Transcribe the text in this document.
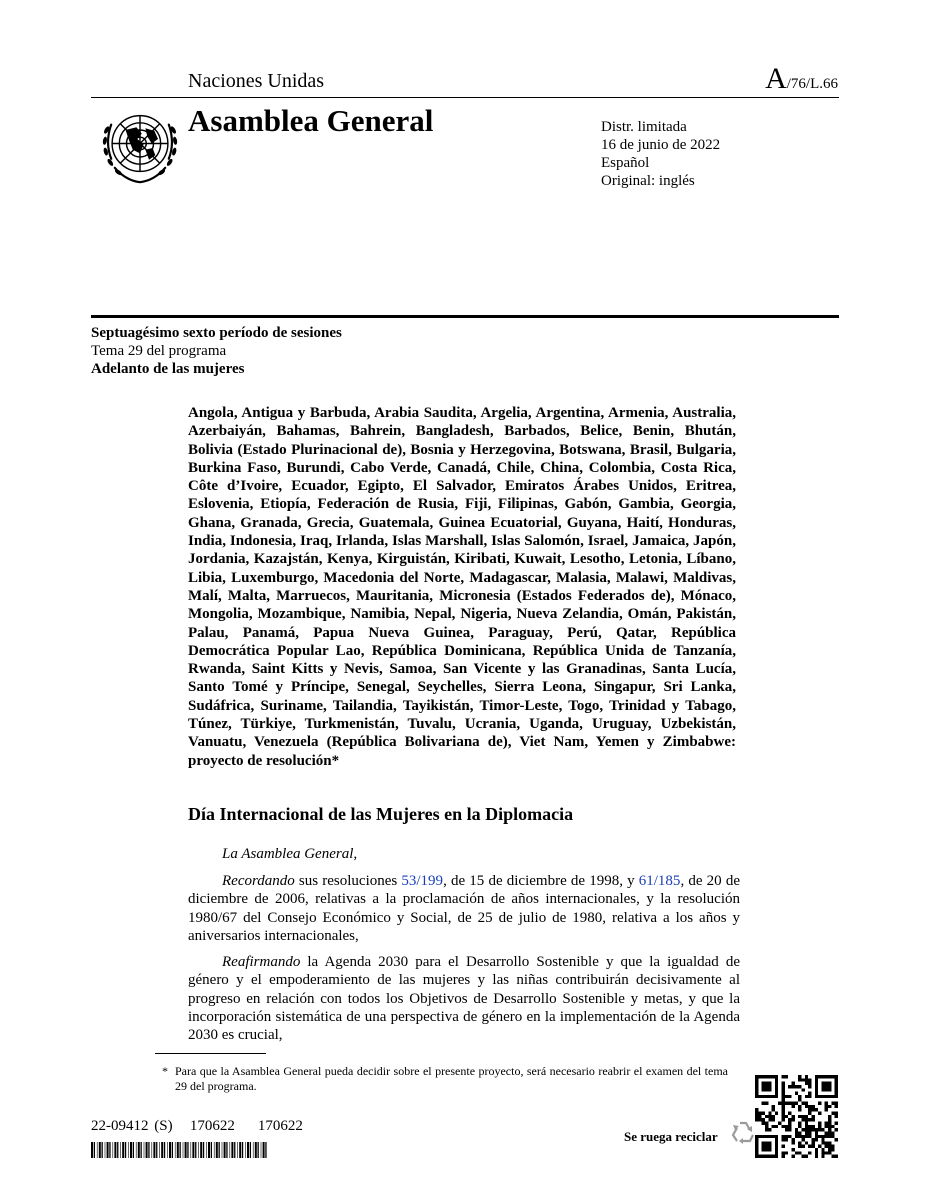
Naciones Unidas	A/76/L.66
Asamblea General	Distr. limitada
16 de junio de 2022
Español
Original: inglés
Septuagésimo sexto período de sesiones
Tema 29 del programa
Adelanto de las mujeres
Angola, Antigua y Barbuda, Arabia Saudita, Argelia, Argentina, Armenia, Australia, Azerbaiyán, Bahamas, Bahrein, Bangladesh, Barbados, Belice, Benin, Bhután, Bolivia (Estado Plurinacional de), Bosnia y Herzegovina, Botswana, Brasil, Bulgaria, Burkina Faso, Burundi, Cabo Verde, Canadá, Chile, China, Colombia, Costa Rica, Côte d’Ivoire, Ecuador, Egipto, El Salvador, Emiratos Árabes Unidos, Eritrea, Eslovenia, Etiopía, Federación de Rusia, Fiji, Filipinas, Gabón, Gambia, Georgia, Ghana, Granada, Grecia, Guatemala, Guinea Ecuatorial, Guyana, Haití, Honduras, India, Indonesia, Iraq, Irlanda, Islas Marshall, Islas Salomón, Israel, Jamaica, Japón, Jordania, Kazajstán, Kenya, Kirguistán, Kiribati, Kuwait, Lesotho, Letonia, Líbano, Libia, Luxemburgo, Macedonia del Norte, Madagascar, Malasia, Malawi, Maldivas, Malí, Malta, Marruecos, Mauritania, Micronesia (Estados Federados de), Mónaco, Mongolia, Mozambique, Namibia, Nepal, Nigeria, Nueva Zelandia, Omán, Pakistán, Palau, Panamá, Papua Nueva Guinea, Paraguay, Perú, Qatar, República Democrática Popular Lao, República Dominicana, República Unida de Tanzanía, Rwanda, Saint Kitts y Nevis, Samoa, San Vicente y las Granadinas, Santa Lucía, Santo Tomé y Príncipe, Senegal, Seychelles, Sierra Leona, Singapur, Sri Lanka, Sudáfrica, Suriname, Tailandia, Tayikistán, Timor-Leste, Togo, Trinidad y Tabago, Túnez, Türkiye, Turkmenistán, Tuvalu, Ucrania, Uganda, Uruguay, Uzbekistán, Vanuatu, Venezuela (República Bolivariana de), Viet Nam, Yemen y Zimbabwe: proyecto de resolución*
Día Internacional de las Mujeres en la Diplomacia
La Asamblea General,
Recordando sus resoluciones 53/199, de 15 de diciembre de 1998, y 61/185, de 20 de diciembre de 2006, relativas a la proclamación de años internacionales, y la resolución 1980/67 del Consejo Económico y Social, de 25 de julio de 1980, relativa a los años y aniversarios internacionales,
Reafirmando la Agenda 2030 para el Desarrollo Sostenible y que la igualdad de género y el empoderamiento de las mujeres y las niñas contribuirán decisivamente al progreso en relación con todos los Objetivos de Desarrollo Sostenible y metas, y que la incorporación sistemática de una perspectiva de género en la implementación de la Agenda 2030 es crucial,
* Para que la Asamblea General pueda decidir sobre el presente proyecto, será necesario reabrir el examen del tema 29 del programa.
22-09412 (S) 170622 170622
Se ruega reciclar
